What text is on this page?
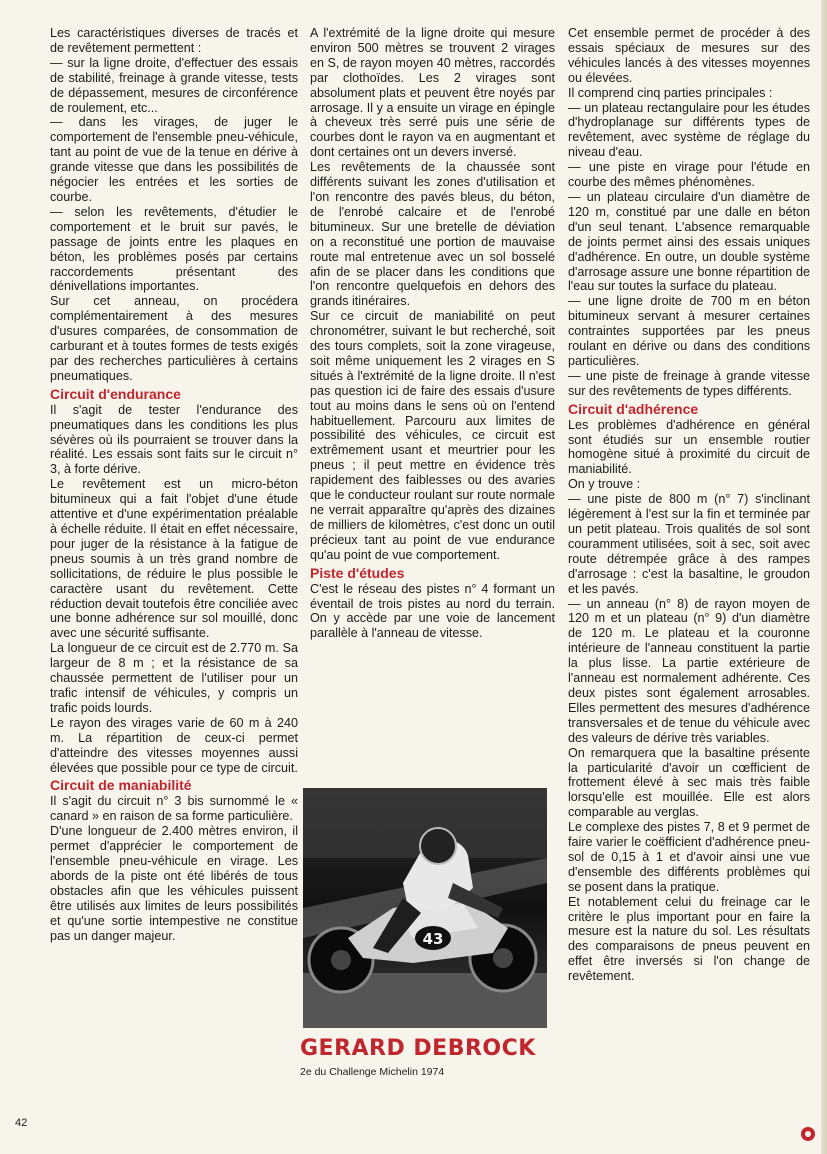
Les caractéristiques diverses de tracés et de revêtement permettent :

— sur la ligne droite, d'effectuer des essais de stabilité, freinage à grande vitesse, tests de dépassement, mesures de circonférence de roulement, etc...

— dans les virages, de juger le comportement de l'ensemble pneu-véhicule, tant au point de vue de la tenue en dérive à grande vitesse que dans les possibilités de négocier les entrées et les sorties de courbe.

— selon les revêtements, d'étudier le comportement et le bruit sur pavés, le passage de joints entre les plaques en béton, les problèmes posés par certains raccordements présentant des dénivellations importantes.

Sur cet anneau, on procédera complémentairement à des mesures d'usures comparées, de consommation de carburant et à toutes formes de tests exigés par des recherches particulières à certains pneumatiques.

Circuit d'endurance

Il s'agit de tester l'endurance des pneumatiques dans les conditions les plus sévères où ils pourraient se trouver dans la réalité. Les essais sont faits sur le circuit n° 3, à forte dérive.

Le revêtement est un micro-béton bitumineux qui a fait l'objet d'une étude attentive et d'une expérimentation préalable à échelle réduite. Il était en effet nécessaire, pour juger de la résistance à la fatigue de pneus soumis à un très grand nombre de sollicitations, de réduire le plus possible le caractère usant du revêtement. Cette réduction devait toutefois être conciliée avec une bonne adhérence sur sol mouillé, donc avec une sécurité suffisante.

La longueur de ce circuit est de 2.770 m. Sa largeur de 8 m ; et la résistance de sa chaussée permettent de l'utiliser pour un trafic intensif de véhicules, y compris un trafic poids lourds.

Le rayon des virages varie de 60 m à 240 m. La répartition de ceux-ci permet d'atteindre des vitesses moyennes aussi élevées que possible pour ce type de circuit.

Circuit de maniabilité

Il s'agit du circuit n° 3 bis surnommé le « canard » en raison de sa forme particulière.

D'une longueur de 2.400 mètres environ, il permet d'apprécier le comportement de l'ensemble pneu-véhicule en virage. Les abords de la piste ont été libérés de tous obstacles afin que les véhicules puissent être utilisés aux limites de leurs possibilités et qu'une sortie intempestive ne constitue pas un danger majeur.

A l'extrémité de la ligne droite qui mesure environ 500 mètres se trouvent 2 virages en S, de rayon moyen 40 mètres, raccordés par clothoïdes. Les 2 virages sont absolument plats et peuvent être noyés par arrosage. Il y a ensuite un virage en épingle à cheveux très serré puis une série de courbes dont le rayon va en augmentant et dont certaines ont un devers inversé.

Les revêtements de la chaussée sont différents suivant les zones d'utilisation et l'on rencontre des pavés bleus, du béton, de l'enrobé calcaire et de l'enrobé bitumineux. Sur une bretelle de déviation on a reconstitué une portion de mauvaise route mal entretenue avec un sol bosselé afin de se placer dans les conditions que l'on rencontre quelquefois en dehors des grands itinéraires.

Sur ce circuit de maniabilité on peut chronométrer, suivant le but recherché, soit des tours complets, soit la zone virageuse, soit même uniquement les 2 virages en S situés à l'extrémité de la ligne droite. Il n'est pas question ici de faire des essais d'usure tout au moins dans le sens où on l'entend habituellement. Parcouru aux limites de possibilité des véhicules, ce circuit est extrêmement usant et meurtrier pour les pneus ; il peut mettre en évidence très rapidement des faiblesses ou des avaries que le conducteur roulant sur route normale ne verrait apparaître qu'après des dizaines de milliers de kilomètres, c'est donc un outil précieux tant au point de vue endurance qu'au point de vue comportement.

Piste d'études

C'est le réseau des pistes n° 4 formant un éventail de trois pistes au nord du terrain. On y accède par une voie de lancement parallèle à l'anneau de vitesse.

43
GERARD DEBROCK
2e du Challenge Michelin 1974

Cet ensemble permet de procéder à des essais spéciaux de mesures sur des véhicules lancés à des vitesses moyennes ou élevées.

Il comprend cinq parties principales :

— un plateau rectangulaire pour les études d'hydroplanage sur différents types de revêtement, avec système de réglage du niveau d'eau.

— une piste en virage pour l'étude en courbe des mêmes phénomènes.

— un plateau circulaire d'un diamètre de 120 m, constitué par une dalle en béton d'un seul tenant. L'absence remarquable de joints permet ainsi des essais uniques d'adhérence. En outre, un double système d'arrosage assure une bonne répartition de l'eau sur toutes la surface du plateau.

— une ligne droite de 700 m en béton bitumineux servant à mesurer certaines contraintes supportées par les pneus roulant en dérive ou dans des conditions particulières.

— une piste de freinage à grande vitesse sur des revêtements de types différents.

Circuit d'adhérence

Les problèmes d'adhérence en général sont étudiés sur un ensemble routier homogène situé à proximité du circuit de maniabilité.

On y trouve :

— une piste de 800 m (n° 7) s'inclinant légèrement à l'est sur la fin et terminée par un petit plateau. Trois qualités de sol sont couramment utilisées, soit à sec, soit avec route détrempée grâce à des rampes d'arrosage : c'est la basaltine, le groudon et les pavés.

— un anneau (n° 8) de rayon moyen de 120 m et un plateau (n° 9) d'un diamètre de 120 m. Le plateau et la couronne intérieure de l'anneau constituent la partie la plus lisse. La partie extérieure de l'anneau est normalement adhérente. Ces deux pistes sont également arrosables. Elles permettent des mesures d'adhérence transversales et de tenue du véhicule avec des valeurs de dérive très variables.

On remarquera que la basaltine présente la particularité d'avoir un cœfficient de frottement élevé à sec mais très faible lorsqu'elle est mouillée. Elle est alors comparable au verglas.

Le complexe des pistes 7, 8 et 9 permet de faire varier le coëfficient d'adhérence pneu-sol de 0,15 à 1 et d'avoir ainsi une vue d'ensemble des différents problèmes qui se posent dans la pratique.

Et notablement celui du freinage car le critère le plus important pour en faire la mesure est la nature du sol. Les résultats des comparaisons de pneus peuvent en effet être inversés si l'on change de revêtement.

42
